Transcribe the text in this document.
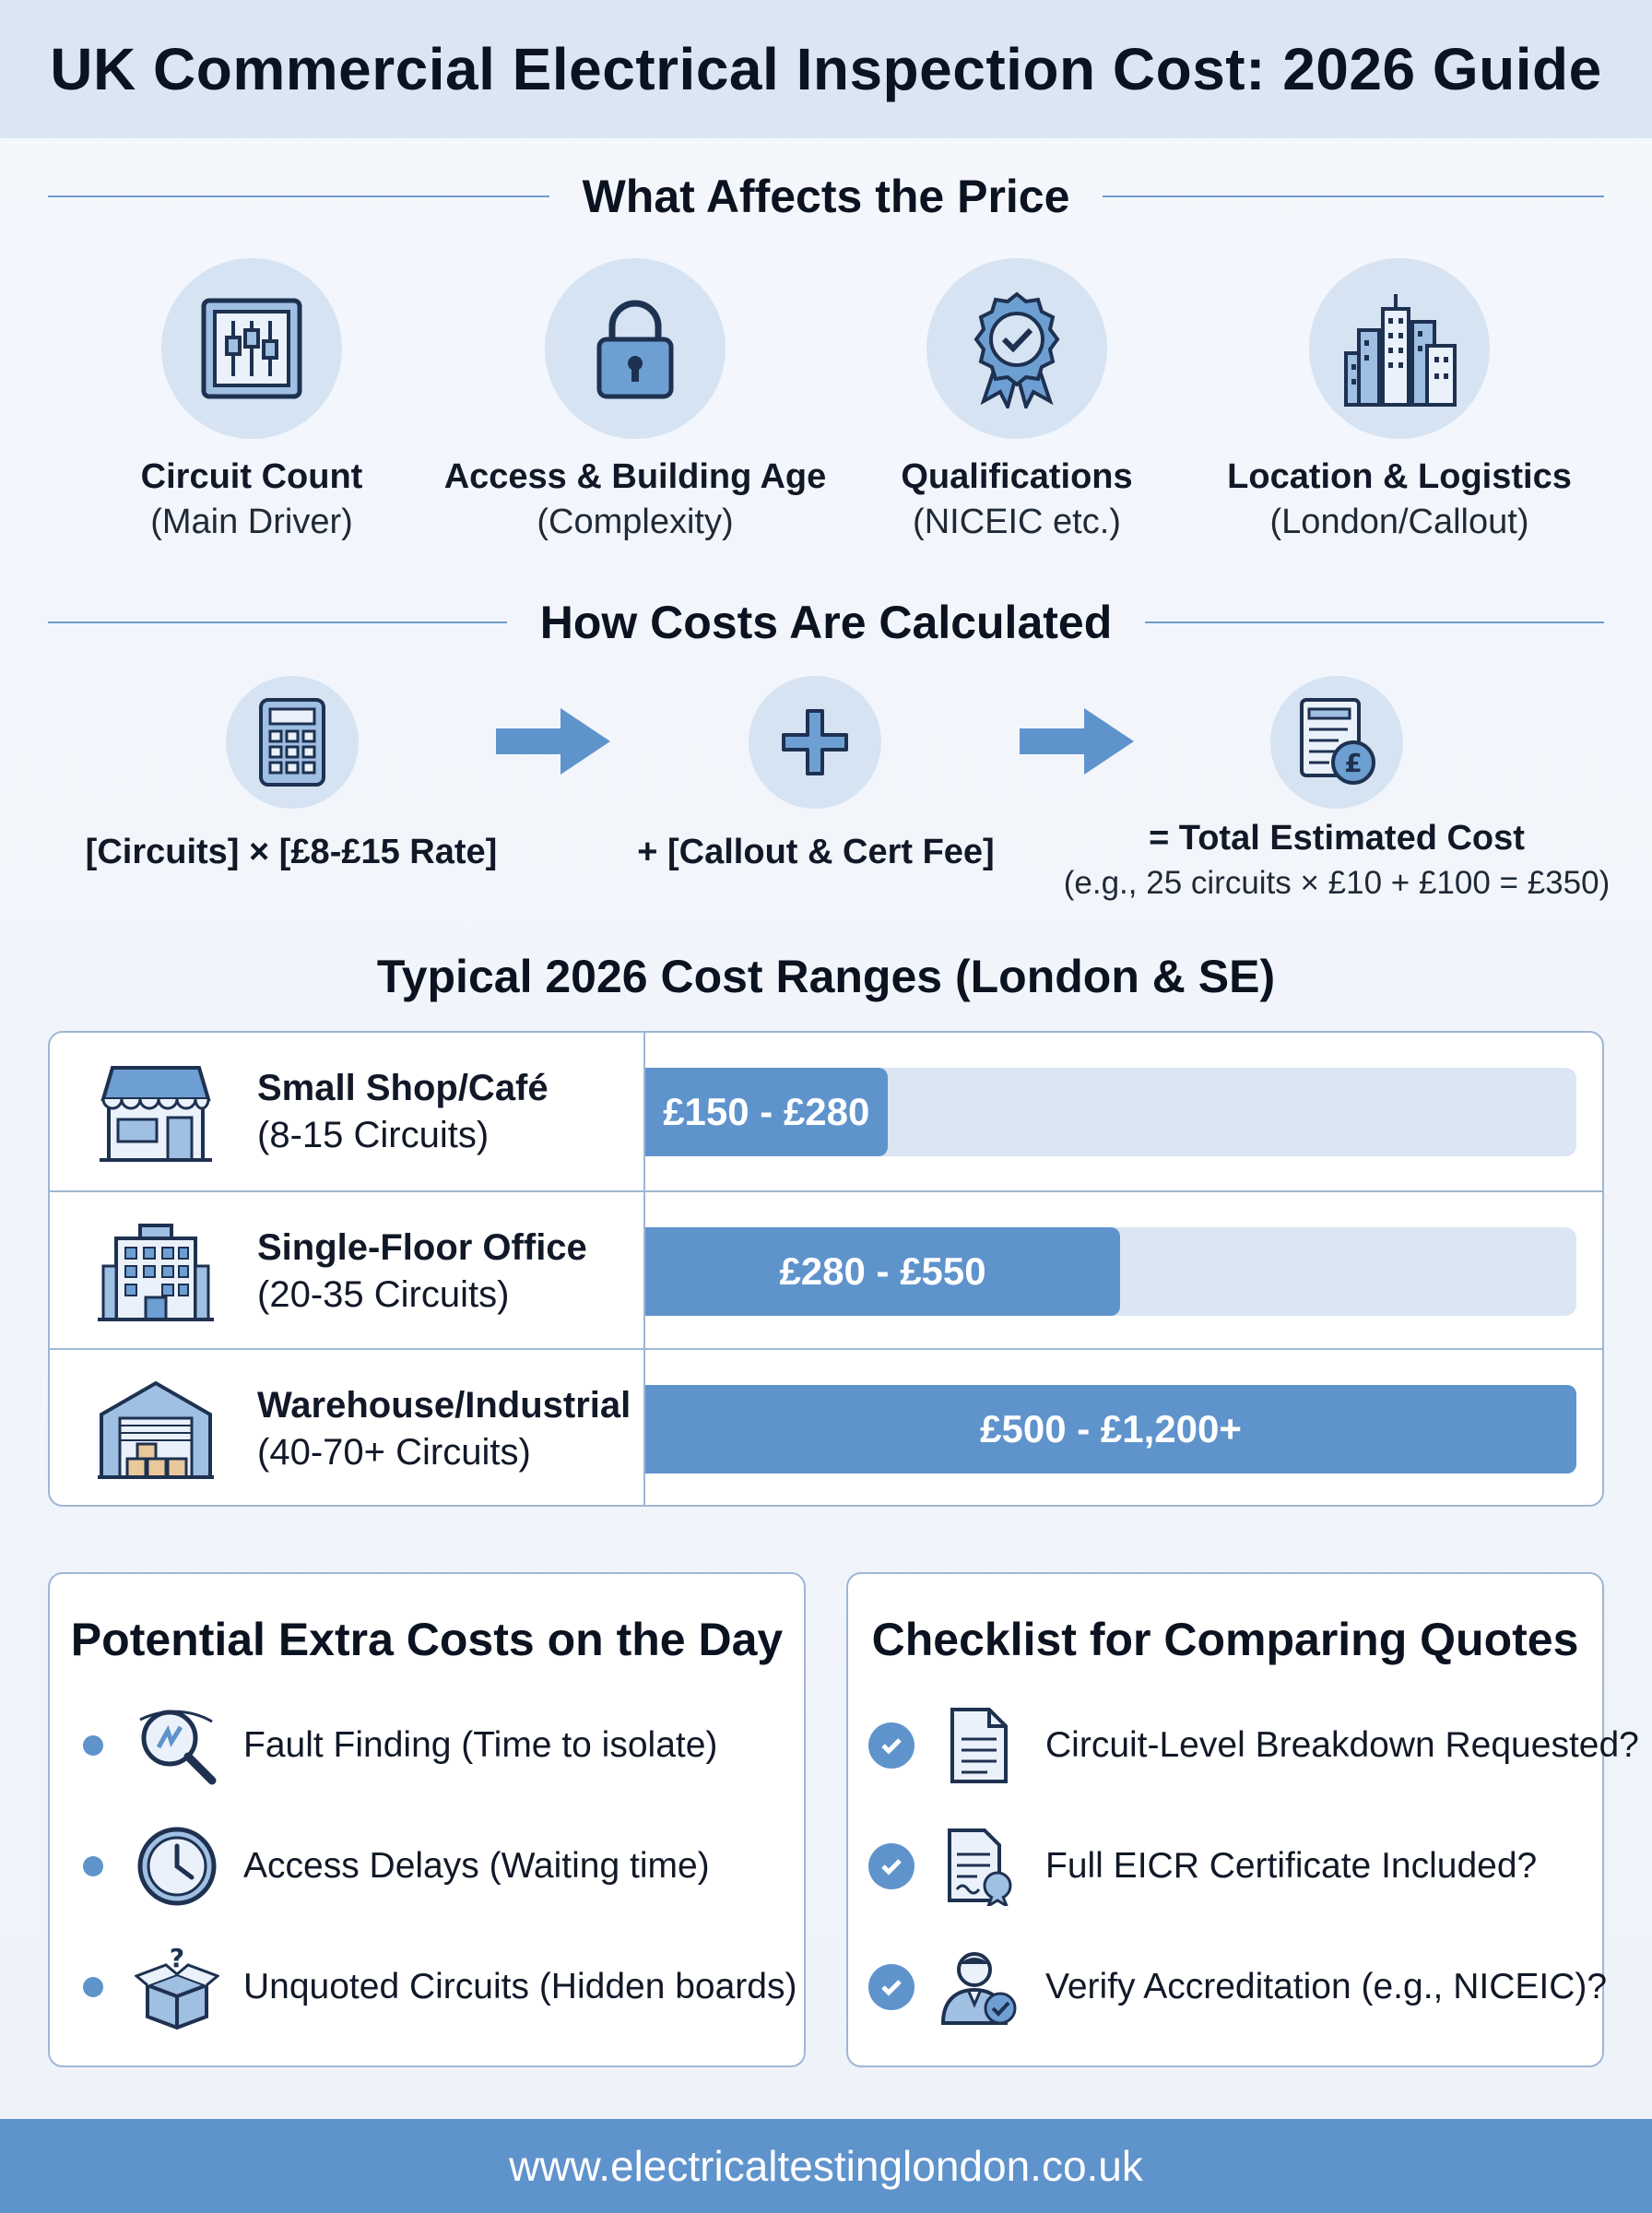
UK Commercial Electrical Inspection Cost: 2026 Guide
What Affects the Price
Circuit Count
(Main Driver)
Access & Building Age
(Complexity)
Qualifications
(NICEIC etc.)
Location & Logistics
(London/Callout)
How Costs Are Calculated
£
[Circuits] × [£8-£15 Rate]	+ [Callout & Cert Fee]	= Total Estimated Cost
(e.g., 25 circuits × £10 + £100 = £350)
Typical 2026 Cost Ranges (London & SE)
Small Shop/Café
(8-15 Circuits)
£150 - £280
Single-Floor Office
(20-35 Circuits)
£280 - £550
Warehouse/Industrial
(40-70+ Circuits)
£500 - £1,200+
Potential Extra Costs on the Day
Fault Finding (Time to isolate)
Access Delays (Waiting time)
?
Unquoted Circuits (Hidden boards)
Checklist for Comparing Quotes
Circuit-Level Breakdown Requested?
Full EICR Certificate Included?
Verify Accreditation (e.g., NICEIC)?
www.electricaltestinglondon.co.uk
